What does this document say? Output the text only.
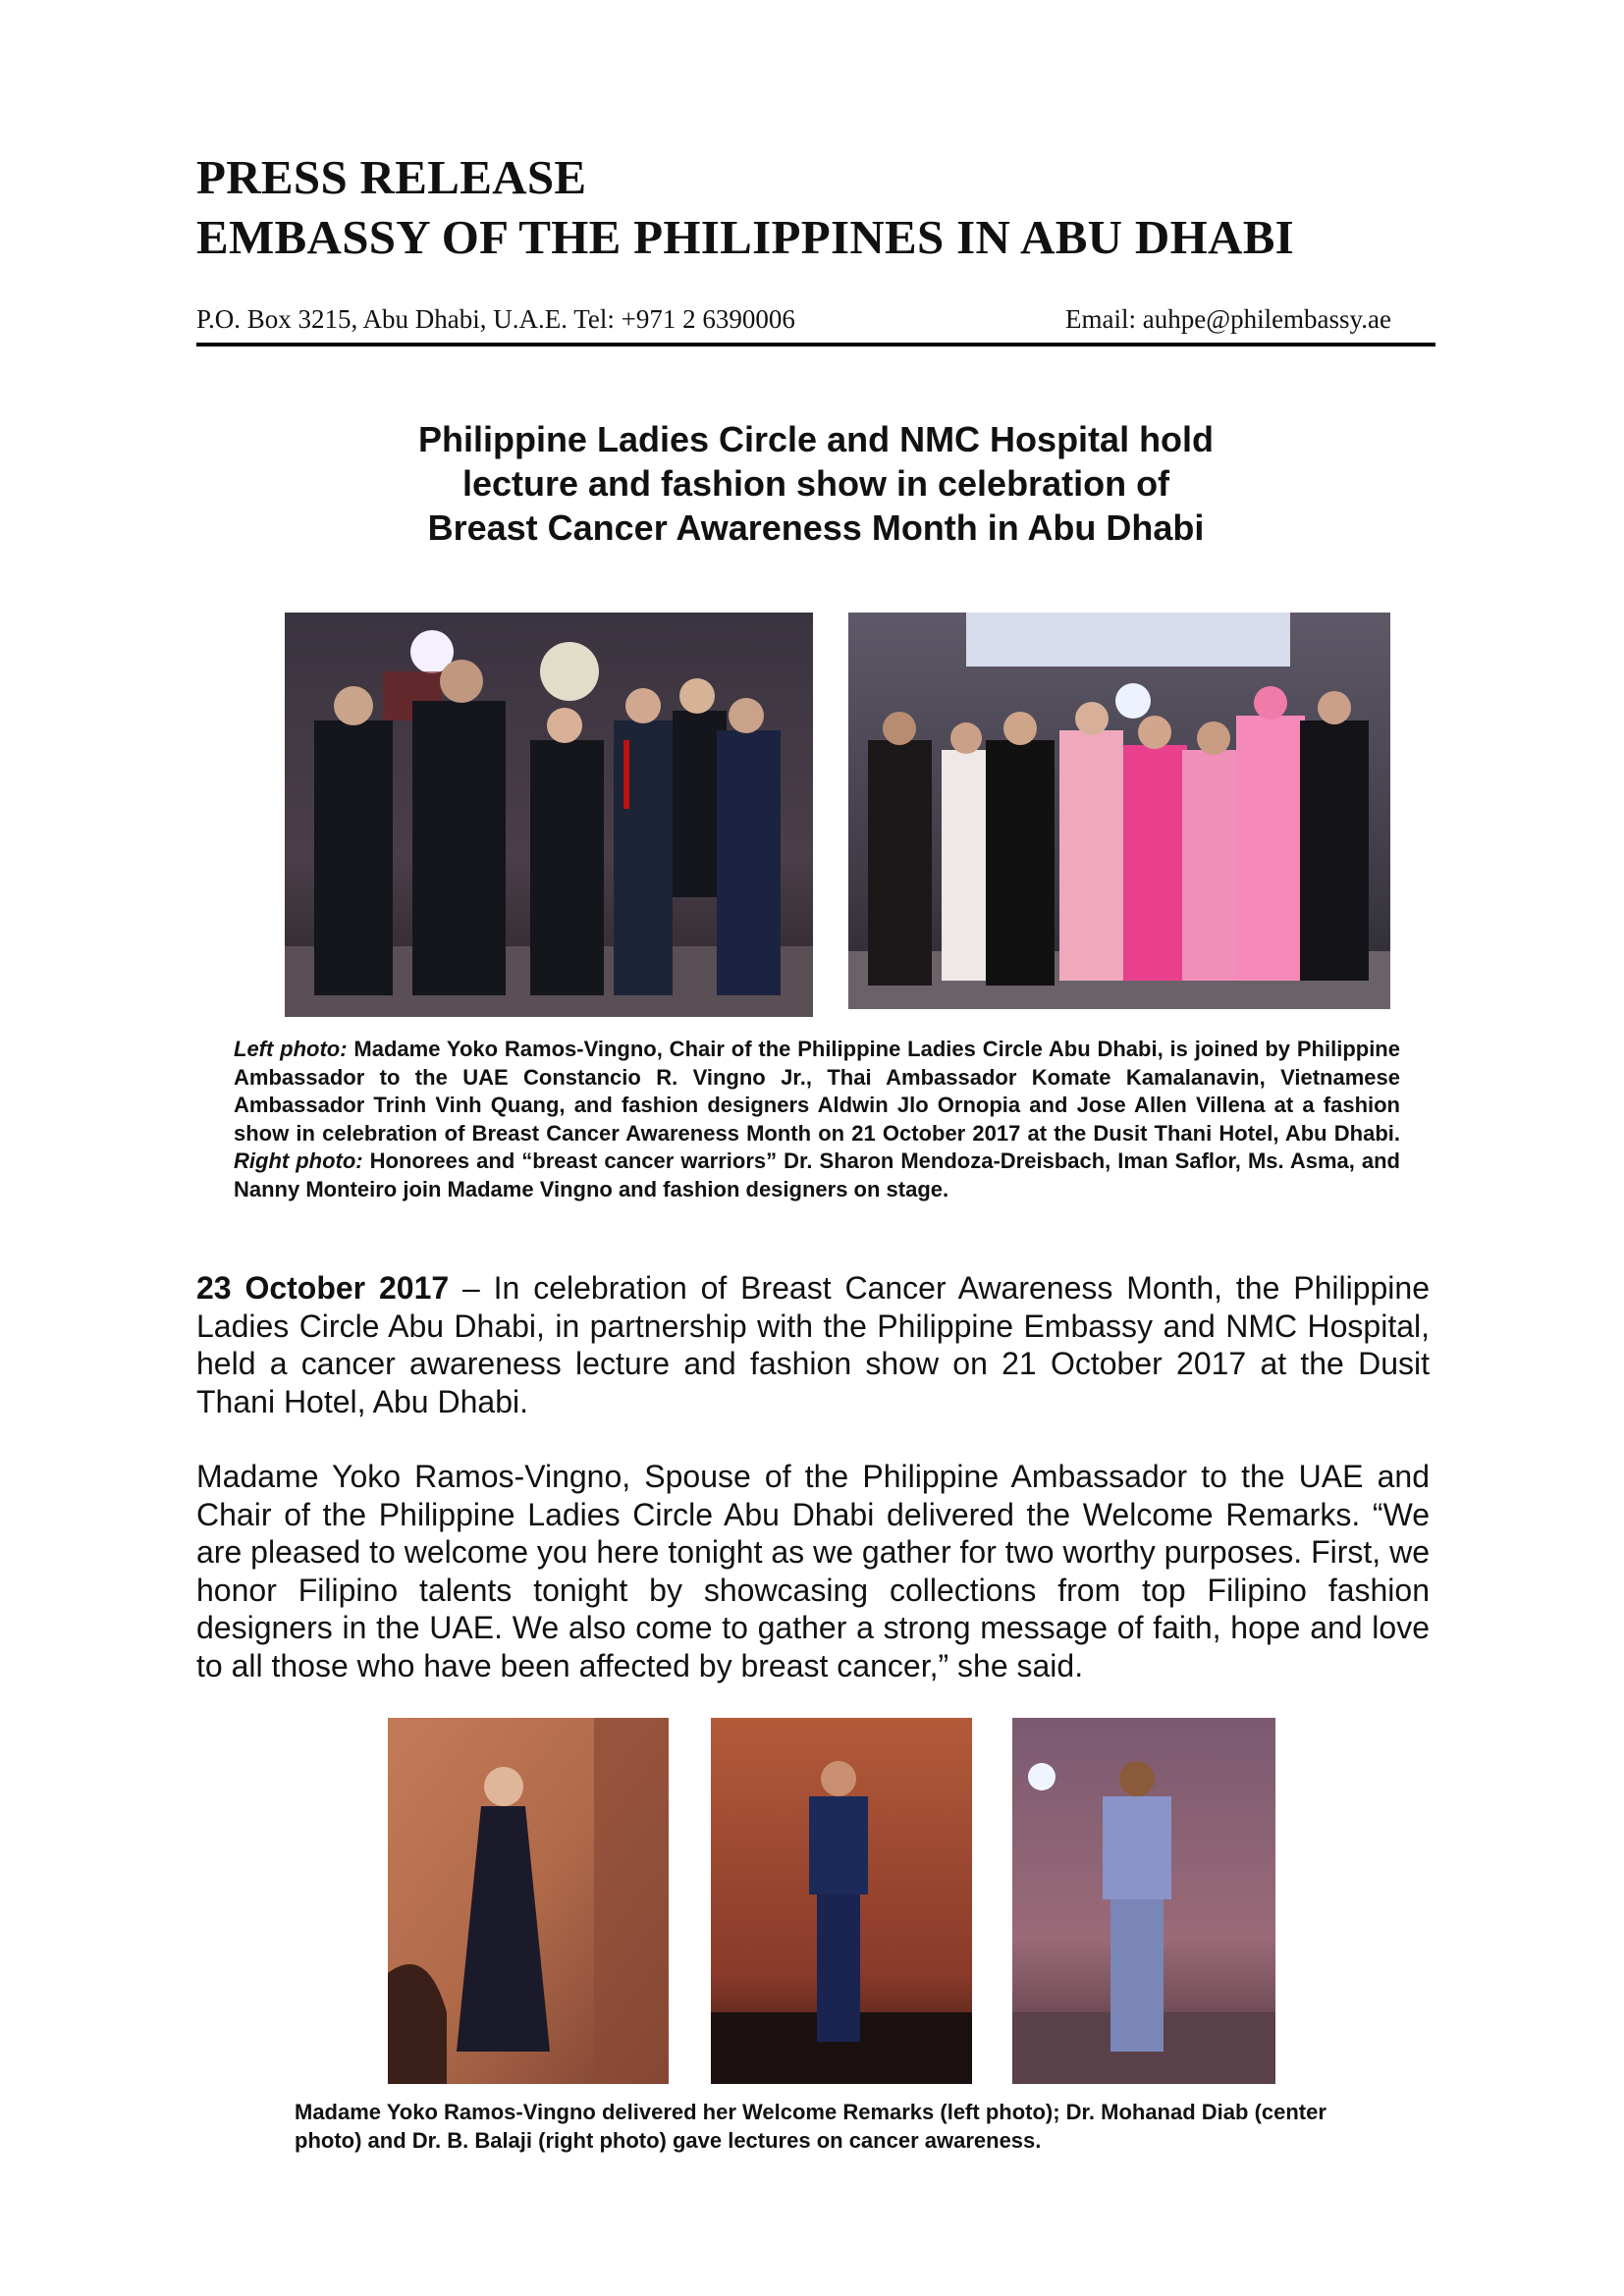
PRESS RELEASE
EMBASSY OF THE PHILIPPINES IN ABU DHABI
P.O. Box 3215, Abu Dhabi, U.A.E. Tel: +971 2 6390006	Email: auhpe@philembassy.ae
Philippine Ladies Circle and NMC Hospital hold
lecture and fashion show in celebration of
Breast Cancer Awareness Month in Abu Dhabi

Left photo: Madame Yoko Ramos-Vingno, Chair of the Philippine Ladies Circle Abu Dhabi, is joined by Philippine Ambassador to the UAE Constancio R. Vingno Jr., Thai Ambassador Komate Kamalanavin, Vietnamese Ambassador Trinh Vinh Quang, and fashion designers Aldwin Jlo Ornopia and Jose Allen Villena at a fashion show in celebration of Breast Cancer Awareness Month on 21 October 2017 at the Dusit Thani Hotel, Abu Dhabi. Right photo: Honorees and “breast cancer warriors” Dr. Sharon Mendoza-Dreisbach, Iman Saflor, Ms. Asma, and Nanny Monteiro join Madame Vingno and fashion designers on stage.

23 October 2017 – In celebration of Breast Cancer Awareness Month, the Philippine Ladies Circle Abu Dhabi, in partnership with the Philippine Embassy and NMC Hospital, held a cancer awareness lecture and fashion show on 21 October 2017 at the Dusit Thani Hotel, Abu Dhabi.

Madame Yoko Ramos-Vingno, Spouse of the Philippine Ambassador to the UAE and Chair of the Philippine Ladies Circle Abu Dhabi delivered the Welcome Remarks. “We are pleased to welcome you here tonight as we gather for two worthy purposes. First, we honor Filipino talents tonight by showcasing collections from top Filipino fashion designers in the UAE. We also come to gather a strong message of faith, hope and love to all those who have been affected by breast cancer,” she said.

Madame Yoko Ramos-Vingno delivered her Welcome Remarks (left photo); Dr. Mohanad Diab (center photo) and Dr. B. Balaji (right photo) gave lectures on cancer awareness.
